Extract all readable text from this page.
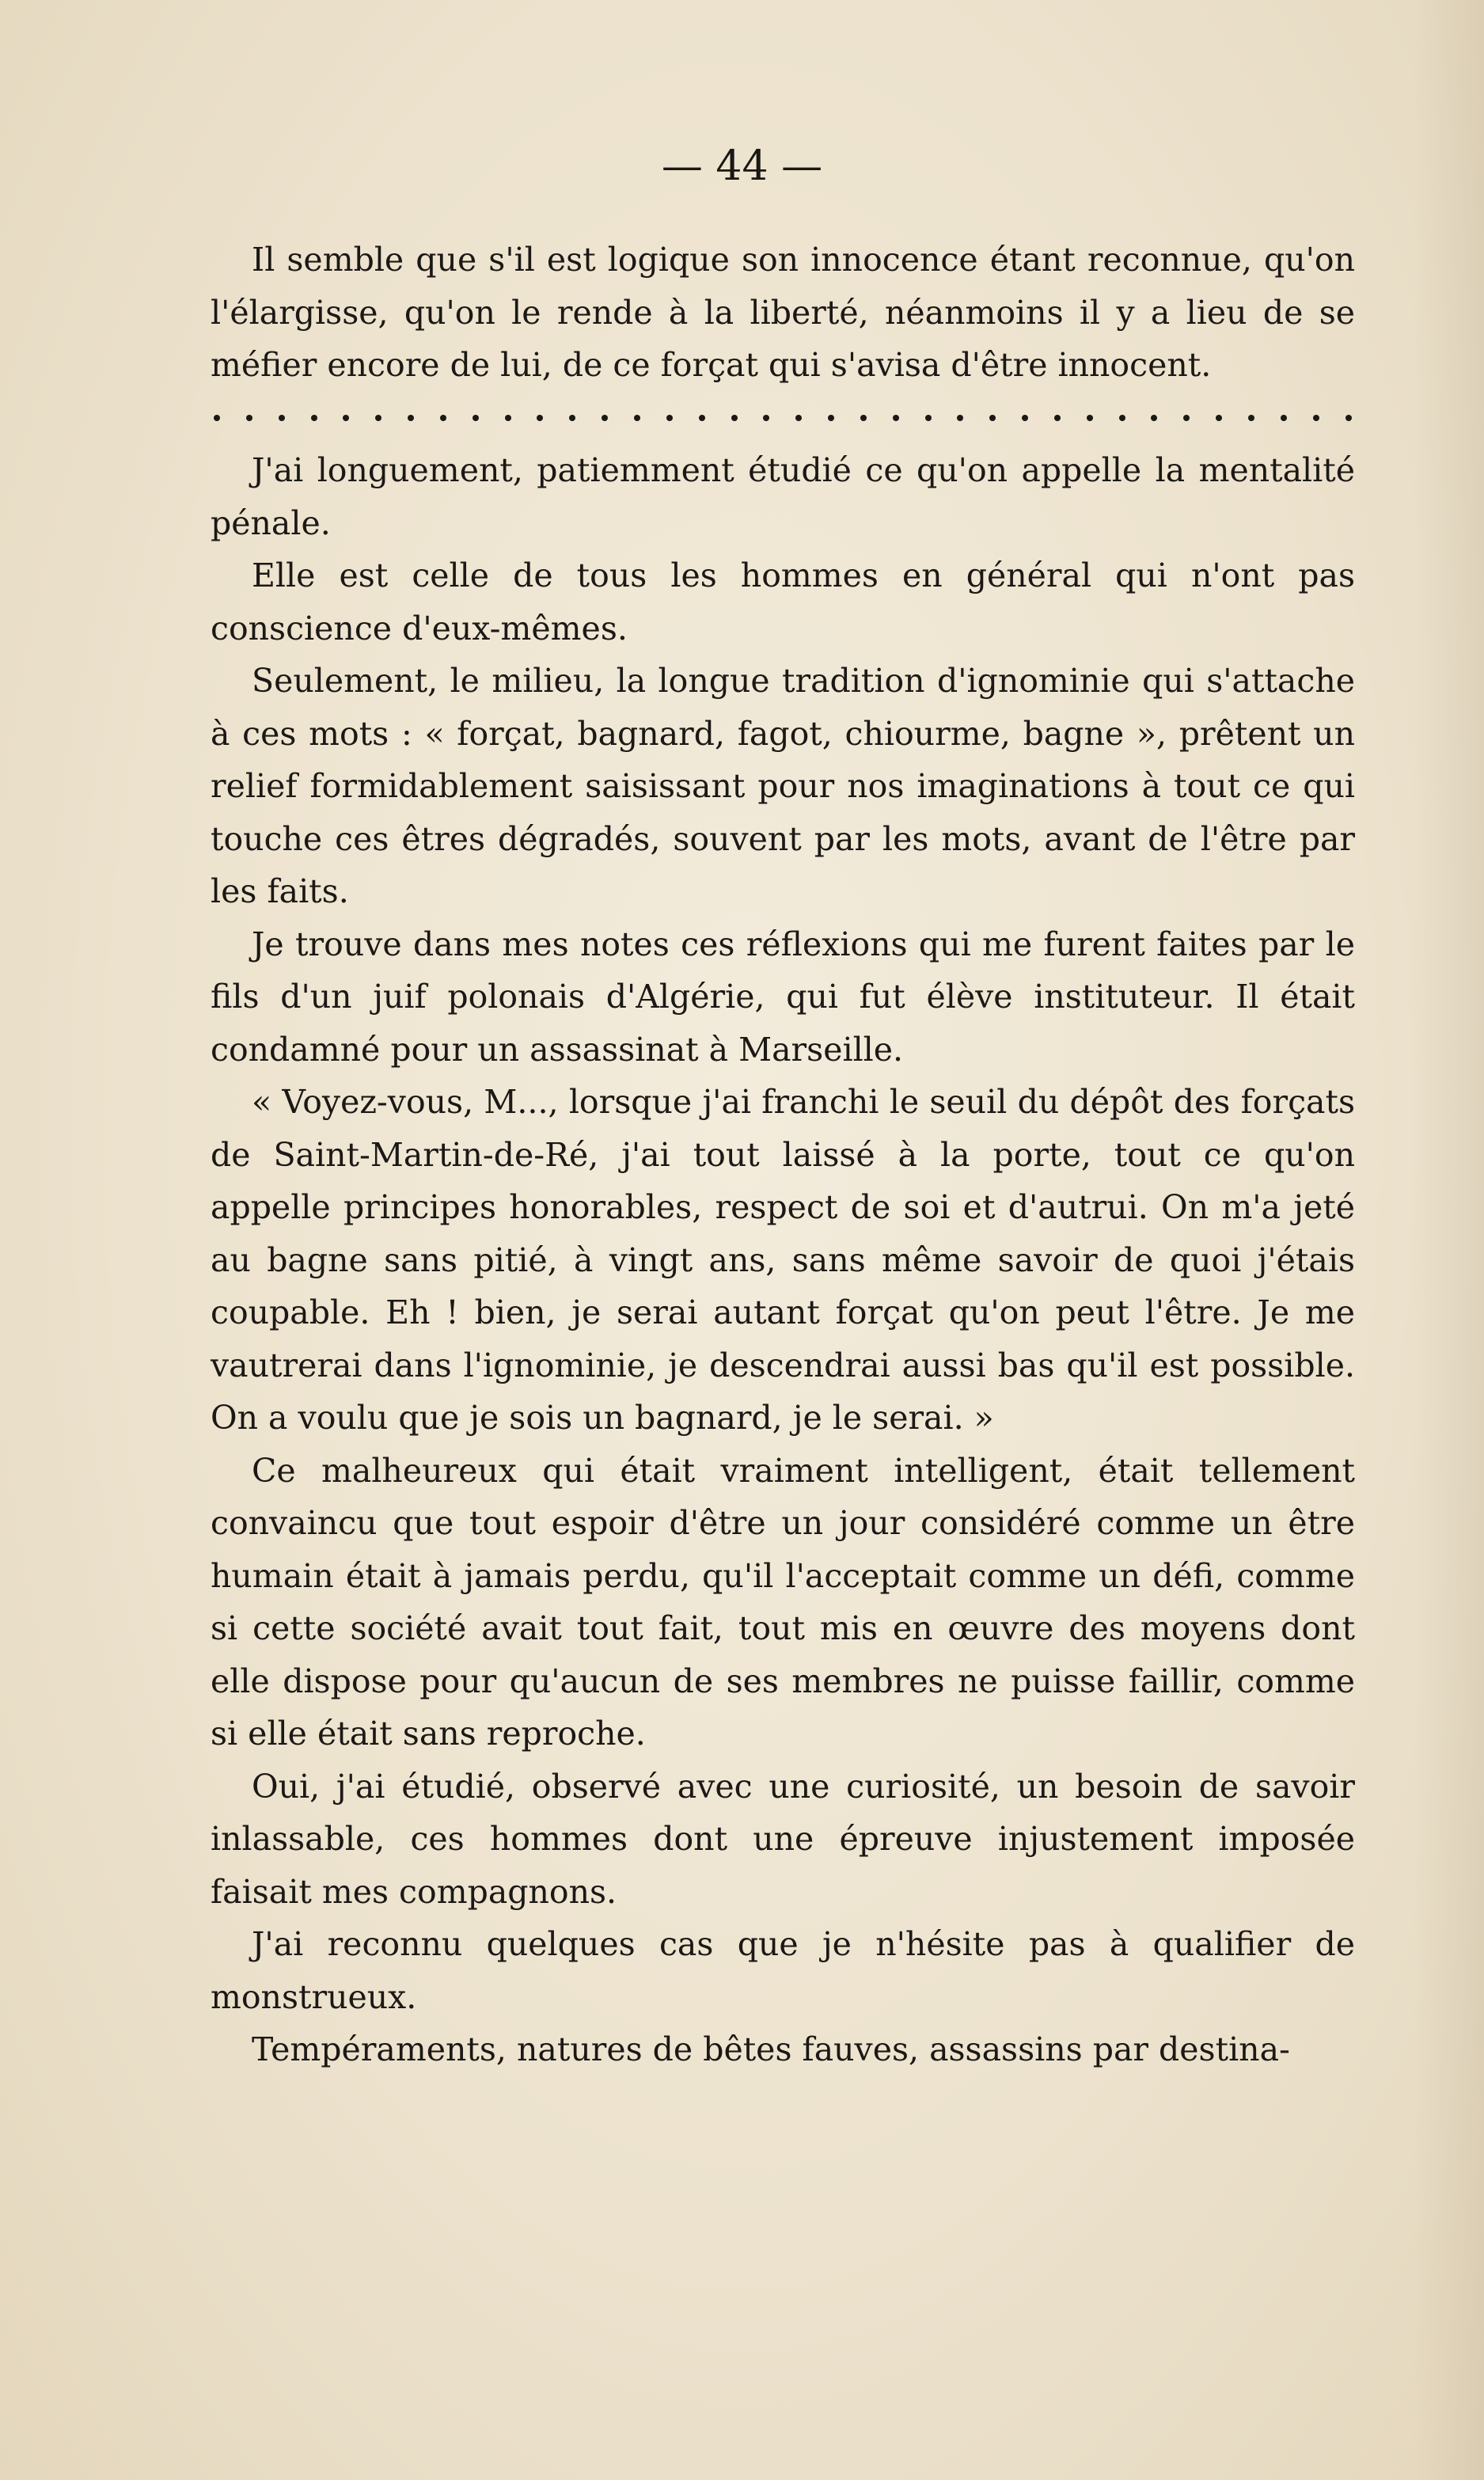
— 44 —

Il semble que s'il est logique son innocence étant reconnue, qu'on l'élargisse, qu'on le rende à la liberté, néanmoins il y a lieu de se méfier encore de lui, de ce forçat qui s'avisa d'être innocent.

J'ai longuement, patiemment étudié ce qu'on appelle la mentalité pénale.

Elle est celle de tous les hommes en général qui n'ont pas conscience d'eux-mêmes.

Seulement, le milieu, la longue tradition d'ignominie qui s'attache à ces mots : « forçat, bagnard, fagot, chiourme, bagne », prêtent un relief formidablement saisissant pour nos imaginations à tout ce qui touche ces êtres dégradés, souvent par les mots, avant de l'être par les faits.

Je trouve dans mes notes ces réflexions qui me furent faites par le fils d'un juif polonais d'Algérie, qui fut élève instituteur. Il était condamné pour un assassinat à Marseille.

« Voyez-vous, M..., lorsque j'ai franchi le seuil du dépôt des forçats de Saint-Martin-de-Ré, j'ai tout laissé à la porte, tout ce qu'on appelle principes honorables, respect de soi et d'autrui. On m'a jeté au bagne sans pitié, à vingt ans, sans même savoir de quoi j'étais coupable. Eh ! bien, je serai autant forçat qu'on peut l'être. Je me vautrerai dans l'ignominie, je descendrai aussi bas qu'il est possible. On a voulu que je sois un bagnard, je le serai. »

Ce malheureux qui était vraiment intelligent, était tellement convaincu que tout espoir d'être un jour considéré comme un être humain était à jamais perdu, qu'il l'acceptait comme un défi, comme si cette société avait tout fait, tout mis en œuvre des moyens dont elle dispose pour qu'aucun de ses membres ne puisse faillir, comme si elle était sans reproche.

Oui, j'ai étudié, observé avec une curiosité, un besoin de savoir inlassable, ces hommes dont une épreuve injustement imposée faisait mes compagnons.

J'ai reconnu quelques cas que je n'hésite pas à qualifier de monstrueux.

Tempéraments, natures de bêtes fauves, assassins par destina-
